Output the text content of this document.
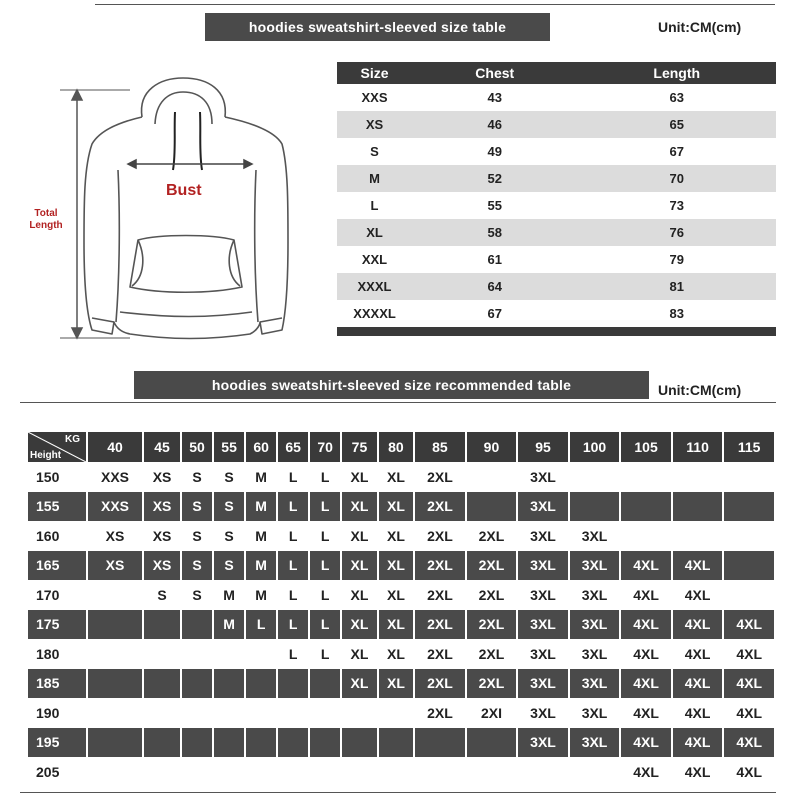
hoodies sweatshirt-sleeved size table	Unit:CM(cm)
Bust
Total
Length
Size	Chest	Length
XXS	43	63
XS	46	65
S	49	67
M	52	70
L	55	73
XL	58	76
XXL	61	79
XXXL	64	81
XXXXL	67	83

hoodies sweatshirt-sleeved size recommended table	Unit:CM(cm)
KG
Height	40	45	50	55	60	65	70	75	80	85	90	95	100	105	110	115
150	XXS	XS	S	S	M	L	L	XL	XL	2XL		3XL				
155	XXS	XS	S	S	M	L	L	XL	XL	2XL		3XL				
160	XS	XS	S	S	M	L	L	XL	XL	2XL	2XL	3XL	3XL			
165	XS	XS	S	S	M	L	L	XL	XL	2XL	2XL	3XL	3XL	4XL	4XL	
170		S	S	M	M	L	L	XL	XL	2XL	2XL	3XL	3XL	4XL	4XL	
175				M	L	L	L	XL	XL	2XL	2XL	3XL	3XL	4XL	4XL	4XL
180						L	L	XL	XL	2XL	2XL	3XL	3XL	4XL	4XL	4XL
185								XL	XL	2XL	2XL	3XL	3XL	4XL	4XL	4XL
190										2XL	2XI	3XL	3XL	4XL	4XL	4XL
195												3XL	3XL	4XL	4XL	4XL
205														4XL	4XL	4XL
